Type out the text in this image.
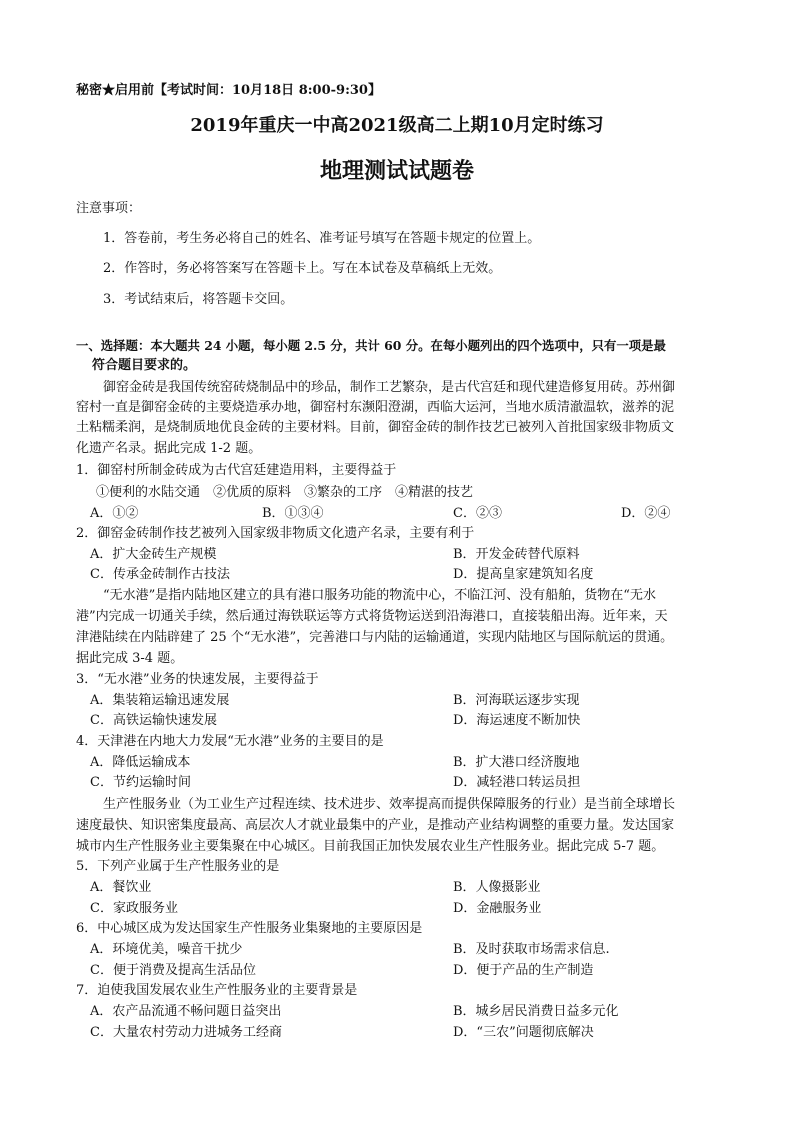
秘密★启用前【考试时间：10月18日 8:00-9:30】
2019年重庆一中高2021级高二上期10月定时练习
地理测试试题卷
注意事项：
1．答卷前，考生务必将自己的姓名、准考证号填写在答题卡规定的位置上。
2．作答时，务必将答案写在答题卡上。写在本试卷及草稿纸上无效。
3．考试结束后，将答题卡交回。
一、选择题：本大题共 24 小题，每小题 2.5 分，共计 60 分。在每小题列出的四个选项中，只有一项是最
符合题目要求的。
御窑金砖是我国传统窑砖烧制品中的珍品，制作工艺繁杂，是古代宫廷和现代建造修复用砖。苏州御
窑村一直是御窑金砖的主要烧造承办地，御窑村东濒阳澄湖，西临大运河，当地水质清澈温软，滋养的泥
土粘糯柔润，是烧制质地优良金砖的主要材料。目前，御窑金砖的制作技艺已被列入首批国家级非物质文
化遗产名录。据此完成 1-2 题。
1．御窑村所制金砖成为古代宫廷建造用料，主要得益于
①便利的水陆交通　②优质的原料　③繁杂的工序　④精湛的技艺
A．①②	B．①③④	C．②③	D．②④
2．御窑金砖制作技艺被列入国家级非物质文化遗产名录，主要有利于
A．扩大金砖生产规模	B．开发金砖替代原料
C．传承金砖制作古技法	D．提高皇家建筑知名度
“无水港”是指内陆地区建立的具有港口服务功能的物流中心，不临江河、没有船舶，货物在“无水
港”内完成一切通关手续，然后通过海铁联运等方式将货物运送到沿海港口，直接装船出海。近年来，天
津港陆续在内陆辟建了 25 个“无水港”，完善港口与内陆的运输通道，实现内陆地区与国际航运的贯通。
据此完成 3-4 题。
3．“无水港”业务的快速发展，主要得益于
A．集装箱运输迅速发展	B．河海联运逐步实现
C．高铁运输快速发展	D．海运速度不断加快
4．天津港在内地大力发展“无水港”业务的主要目的是
A．降低运输成本	B．扩大港口经济腹地
C．节约运输时间	D．减轻港口转运员担
生产性服务业（为工业生产过程连续、技术进步、效率提高而提供保障服务的行业）是当前全球增长
速度最快、知识密集度最高、高层次人才就业最集中的产业，是推动产业结构调整的重要力量。发达国家
城市内生产性服务业主要集聚在中心城区。目前我国正加快发展农业生产性服务业。据此完成 5-7 题。
5．下列产业属于生产性服务业的是
A．餐饮业	B．人像摄影业
C．家政服务业	D．金融服务业
6．中心城区成为发达国家生产性服务业集聚地的主要原因是
A．环境优美，噪音干扰少	B．及时获取市场需求信息.
C．便于消费及提高生活品位	D．便于产品的生产制造
7．迫使我国发展农业生产性服务业的主要背景是
A．农产品流通不畅问题日益突出	B．城乡居民消费日益多元化
C．大量农村劳动力进城务工经商	D．“三农”问题彻底解决
